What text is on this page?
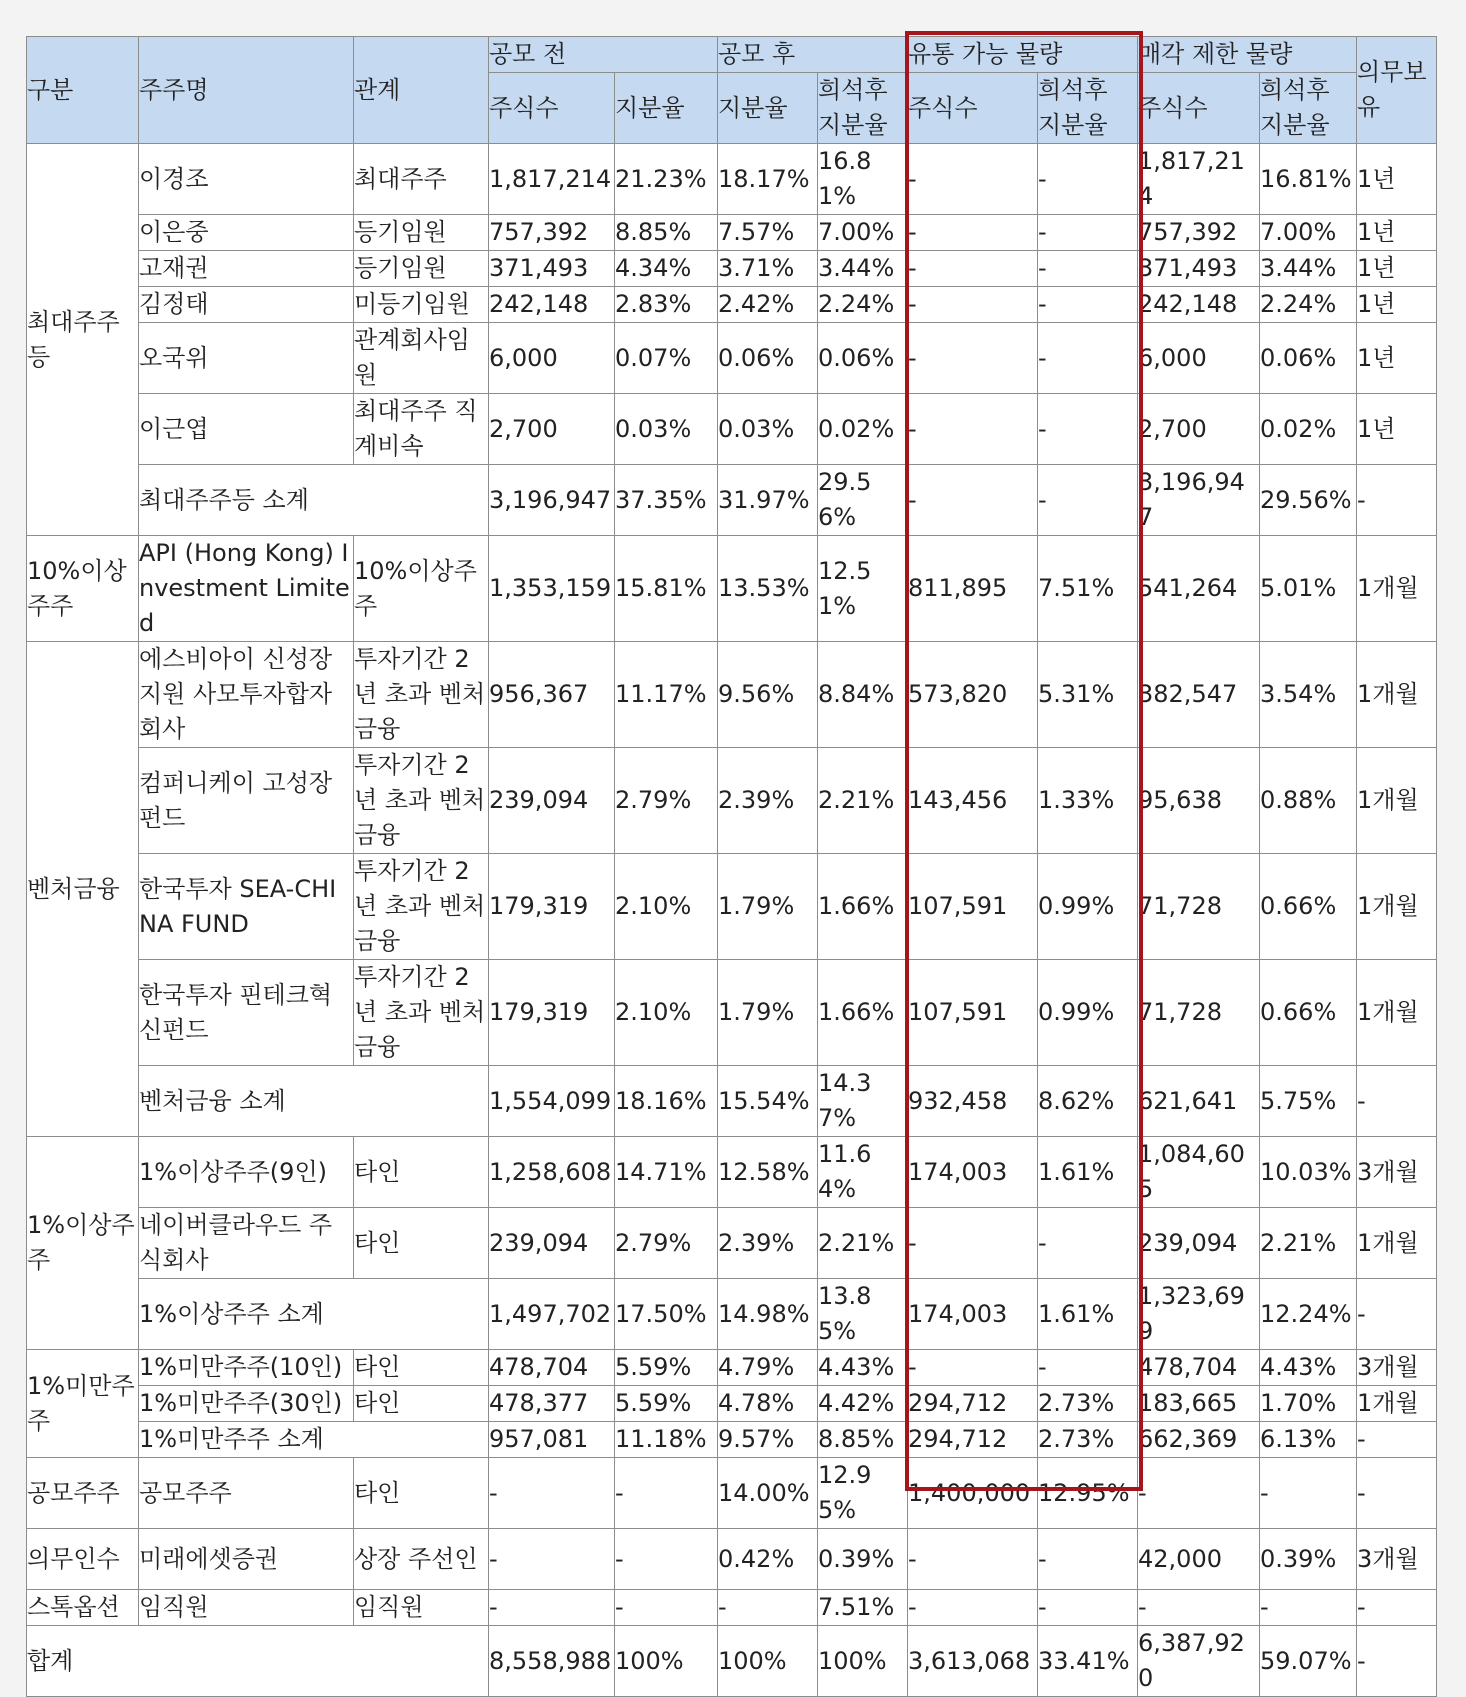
구분	주주명	관계	공모 전		공모 후		유통 가능 물량		매각 제한 물량		의무보유
			주식수	지분율	지분율	희석후 지분율	주식수	희석후 지분율	주식수	희석후 지분율	
최대주주등	이경조	최대주주	1,817,214	21.23%	18.17%	16.81%	-	-	1,817,214	16.81%	1년
	이은중	등기임원	757,392	8.85%	7.57%	7.00%	-	-	757,392	7.00%	1년
	고재권	등기임원	371,493	4.34%	3.71%	3.44%	-	-	371,493	3.44%	1년
	김정태	미등기임원	242,148	2.83%	2.42%	2.24%	-	-	242,148	2.24%	1년
	오국위	관계회사임원	6,000	0.07%	0.06%	0.06%	-	-	6,000	0.06%	1년
	이근엽	최대주주 직계비속	2,700	0.03%	0.03%	0.02%	-	-	2,700	0.02%	1년
	최대주주등 소계		3,196,947	37.35%	31.97%	29.56%	-	-	3,196,947	29.56%	-
10%이상주주	API (Hong Kong) Investment Limited	10%이상주주	1,353,159	15.81%	13.53%	12.51%	811,895	7.51%	541,264	5.01%	1개월
벤처금융	에스비아이 신성장지원 사모투자합자회사	투자기간 2년 초과 벤처금융	956,367	11.17%	9.56%	8.84%	573,820	5.31%	382,547	3.54%	1개월
	컴퍼니케이 고성장펀드	투자기간 2년 초과 벤처금융	239,094	2.79%	2.39%	2.21%	143,456	1.33%	95,638	0.88%	1개월
	한국투자 SEA-CHINA FUND	투자기간 2년 초과 벤처금융	179,319	2.10%	1.79%	1.66%	107,591	0.99%	71,728	0.66%	1개월
	한국투자 핀테크혁신펀드	투자기간 2년 초과 벤처금융	179,319	2.10%	1.79%	1.66%	107,591	0.99%	71,728	0.66%	1개월
	벤처금융 소계		1,554,099	18.16%	15.54%	14.37%	932,458	8.62%	621,641	5.75%	-
1%이상주주	1%이상주주(9인)	타인	1,258,608	14.71%	12.58%	11.64%	174,003	1.61%	1,084,605	10.03%	3개월
	네이버클라우드 주식회사	타인	239,094	2.79%	2.39%	2.21%	-	-	239,094	2.21%	1개월
	1%이상주주 소계		1,497,702	17.50%	14.98%	13.85%	174,003	1.61%	1,323,699	12.24%	-
1%미만주주	1%미만주주(10인)	타인	478,704	5.59%	4.79%	4.43%	-	-	478,704	4.43%	3개월
	1%미만주주(30인)	타인	478,377	5.59%	4.78%	4.42%	294,712	2.73%	183,665	1.70%	1개월
	1%미만주주 소계		957,081	11.18%	9.57%	8.85%	294,712	2.73%	662,369	6.13%	-
공모주주	공모주주	타인	-	-	14.00%	12.95%	1,400,000	12.95%	-	-	-
의무인수	미래에셋증권	상장 주선인	-	-	0.42%	0.39%	-	-	42,000	0.39%	3개월
스톡옵션	임직원	임직원	-	-	-	7.51%	-	-	-	-	-
합계			8,558,988	100%	100%	100%	3,613,068	33.41%	6,387,920	59.07%	-
